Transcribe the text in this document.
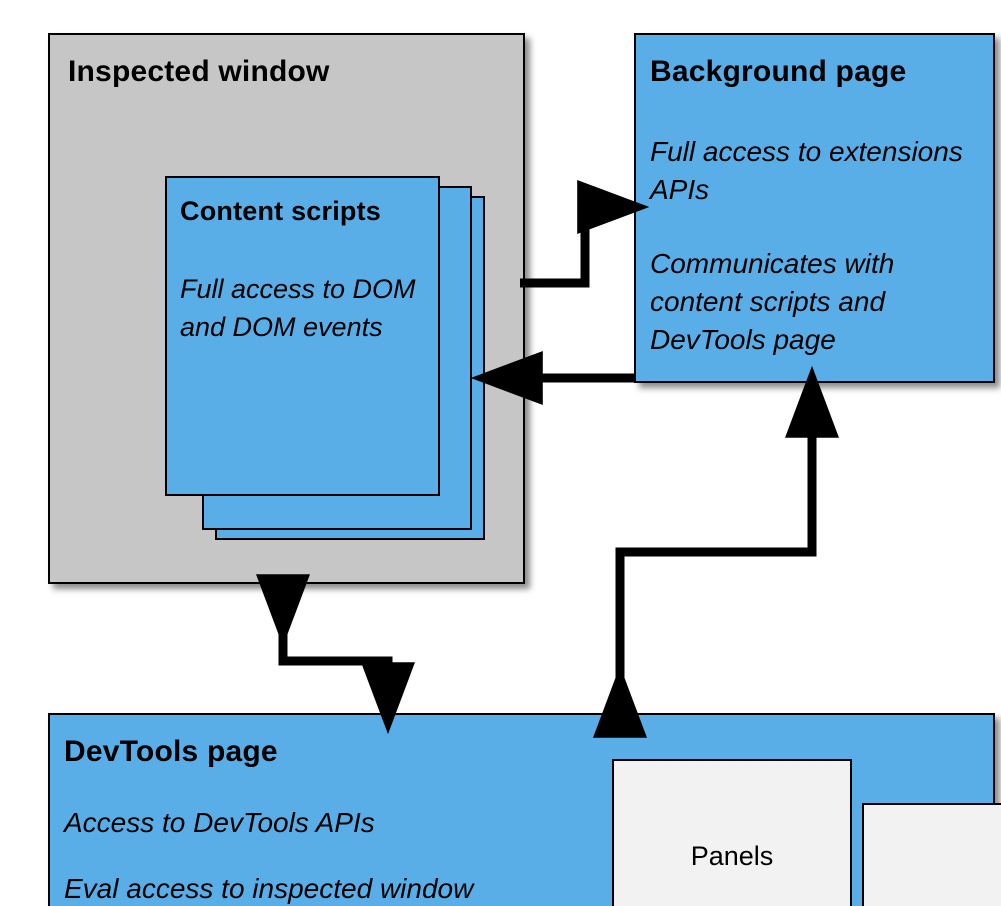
Inspected window
Content scripts
Full access to DOM and DOM events
Background page
Full access to extensions APIs
Communicates with content scripts and DevTools page
DevTools page
Access to DevTools APIs
Eval access to inspected window
Panels
